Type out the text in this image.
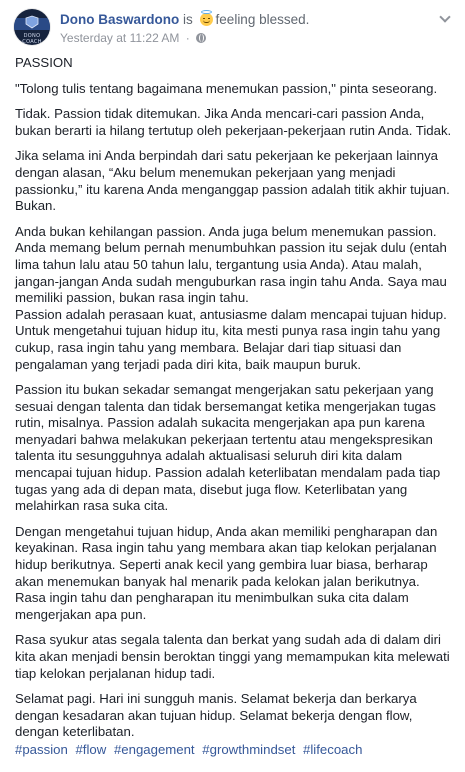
DONO COACH
Dono Baswardono is feeling blessed.
Yesterday at 11:22 AM ·

PASSION

"Tolong tulis tentang bagaimana menemukan passion," pinta seseorang.

Tidak. Passion tidak ditemukan. Jika Anda mencari-cari passion Anda, bukan berarti ia hilang tertutup oleh pekerjaan-pekerjaan rutin Anda. Tidak.

Jika selama ini Anda berpindah dari satu pekerjaan ke pekerjaan lainnya dengan alasan, “Aku belum menemukan pekerjaan yang menjadi passionku,” itu karena Anda menganggap passion adalah titik akhir tujuan. Bukan.

Anda bukan kehilangan passion. Anda juga belum menemukan passion. Anda memang belum pernah menumbuhkan passion itu sejak dulu (entah lima tahun lalu atau 50 tahun lalu, tergantung usia Anda). Atau malah, jangan-jangan Anda sudah menguburkan rasa ingin tahu Anda. Saya mau memiliki passion, bukan rasa ingin tahu.

Passion adalah perasaan kuat, antusiasme dalam mencapai tujuan hidup. Untuk mengetahui tujuan hidup itu, kita mesti punya rasa ingin tahu yang cukup, rasa ingin tahu yang membara. Belajar dari tiap situasi dan pengalaman yang terjadi pada diri kita, baik maupun buruk.

Passion itu bukan sekadar semangat mengerjakan satu pekerjaan yang sesuai dengan talenta dan tidak bersemangat ketika mengerjakan tugas rutin, misalnya. Passion adalah sukacita mengerjakan apa pun karena menyadari bahwa melakukan pekerjaan tertentu atau mengekspresikan talenta itu sesungguhnya adalah aktualisasi seluruh diri kita dalam mencapai tujuan hidup. Passion adalah keterlibatan mendalam pada tiap tugas yang ada di depan mata, disebut juga flow. Keterlibatan yang melahirkan rasa suka cita.

Dengan mengetahui tujuan hidup, Anda akan memiliki pengharapan dan keyakinan. Rasa ingin tahu yang membara akan tiap kelokan perjalanan hidup berikutnya. Seperti anak kecil yang gembira luar biasa, berharap akan menemukan banyak hal menarik pada kelokan jalan berikutnya. Rasa ingin tahu dan pengharapan itu menimbulkan suka cita dalam mengerjakan apa pun.

Rasa syukur atas segala talenta dan berkat yang sudah ada di dalam diri kita akan menjadi bensin beroktan tinggi yang memampukan kita melewati tiap kelokan perjalanan hidup tadi.

Selamat pagi. Hari ini sungguh manis. Selamat bekerja dan berkarya dengan kesadaran akan tujuan hidup. Selamat bekerja dengan flow, dengan keterlibatan.

#passion #flow #engagement #growthmindset #lifecoach
